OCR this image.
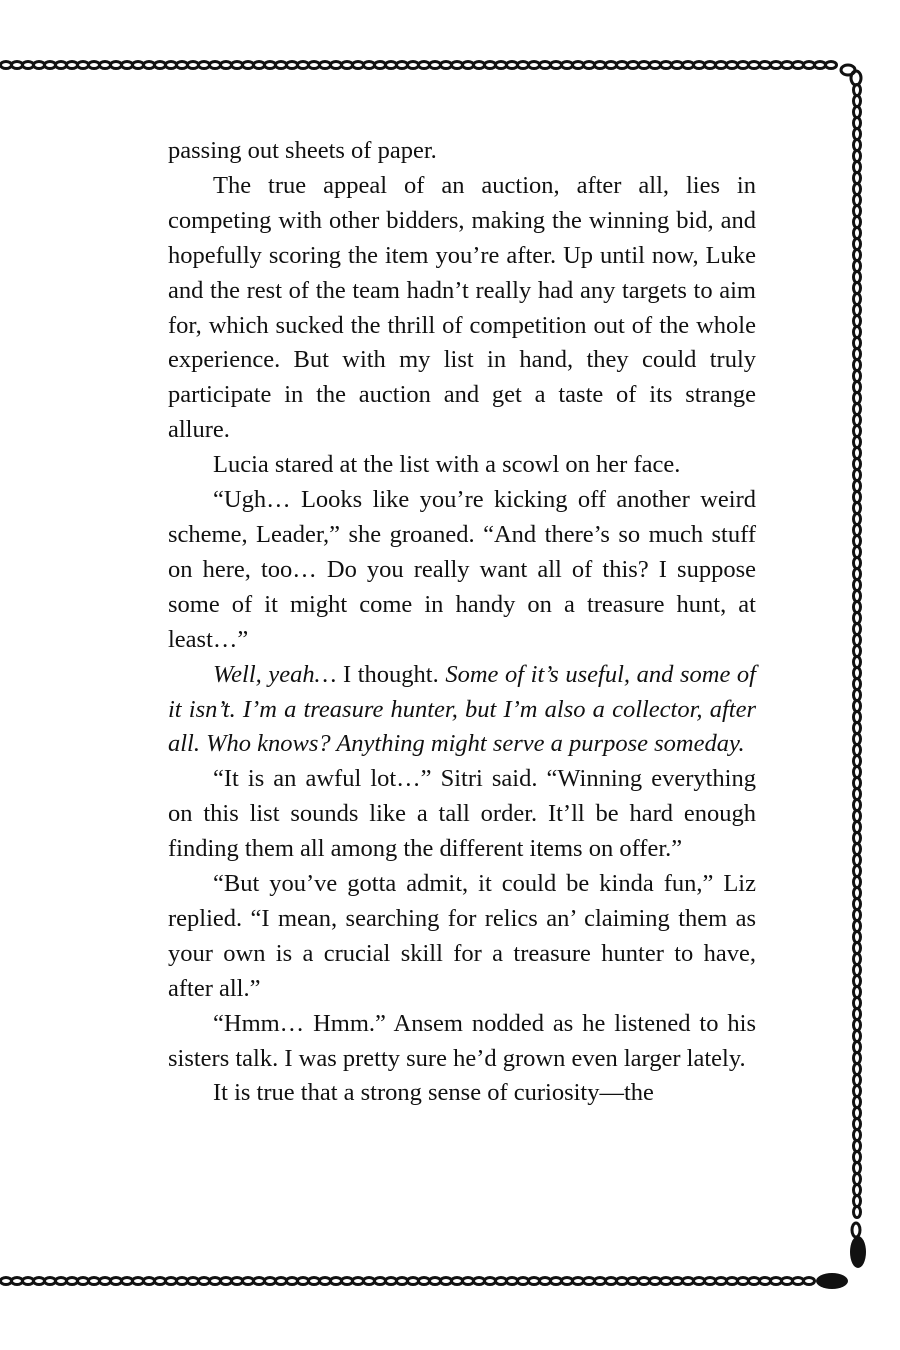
passing out sheets of paper.

The true appeal of an auction, after all, lies in competing with other bidders, making the winning bid, and hopefully scoring the item you’re after. Up until now, Luke and the rest of the team hadn’t really had any targets to aim for, which sucked the thrill of competition out of the whole experience. But with my list in hand, they could truly participate in the auction and get a taste of its strange allure.

Lucia stared at the list with a scowl on her face.

“Ugh… Looks like you’re kicking off another weird scheme, Leader,” she groaned. “And there’s so much stuff on here, too… Do you really want all of this? I suppose some of it might come in handy on a treasure hunt, at least…”

Well, yeah… I thought. Some of it’s useful, and some of it isn’t. I’m a treasure hunter, but I’m also a collector, after all. Who knows? Anything might serve a purpose someday.

“It is an awful lot…” Sitri said. “Winning everything on this list sounds like a tall order. It’ll be hard enough finding them all among the different items on offer.”

“But you’ve gotta admit, it could be kinda fun,” Liz replied. “I mean, searching for relics an’ claiming them as your own is a crucial skill for a treasure hunter to have, after all.”

“Hmm… Hmm.” Ansem nodded as he listened to his sisters talk. I was pretty sure he’d grown even larger lately.

It is true that a strong sense of curiosity—the
